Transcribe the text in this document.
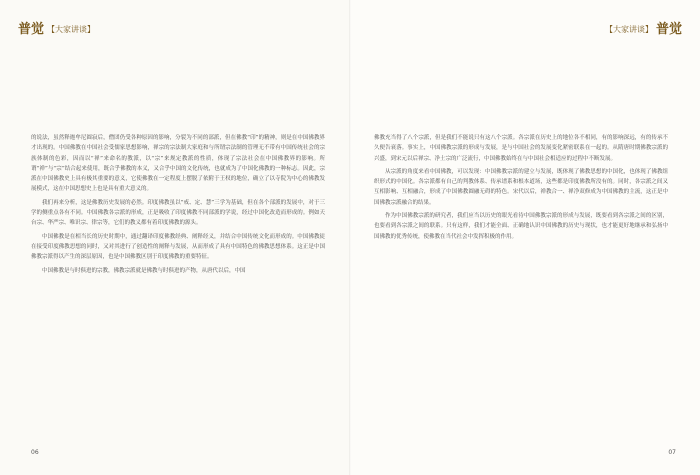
普觉 【大家讲谈】

的说法，虽然释迦牟尼圆寂后，僧团仍受各种原因的影响，分裂为不同的部派，但在佛教“印”的精神，则是在中国佛教界才出现的。中国佛教在中国社会受儒家思想影响，禅宗的宗法制大家庭和与所谓宗法制的管理无不带有中国传统社会的宗族体制的色彩，因而以“禅”来命名的教派，以“宗”来规定教派的性质，体现了宗法社会在中国佛教界的影响。所谓“禅”与“宗”结合起来使用，既合乎佛教的本义，又合乎中国的文化传统，也就成为了中国化佛教的一种标志。因此，宗派在中国佛教史上具有极其重要的意义，它使佛教在一定程度上摆脱了依附于王权的地位，确立了以寺院为中心的佛教发展模式，这在中国思想史上也是具有重大意义的。

我们再来分析，这是佛教历史发展的必然。印度佛教虽以“戒、定、慧”三学为基础，但在各个部派的发展中，对于三学的侧重点各有不同。中国佛教各宗派的形成，正是吸收了印度佛教不同部派的学说，经过中国化改造而形成的。例如天台宗、华严宗、唯识宗、律宗等，它们的教义都有着印度佛教的源头。

中国佛教是在相当长的历史时期中，通过翻译印度佛教经典、阐释经义，并结合中国传统文化而形成的。中国佛教徒在接受印度佛教思想的同时，又对其进行了创造性的阐释与发展，从而形成了具有中国特色的佛教思想体系。这正是中国佛教宗派得以产生的深层原因，也是中国佛教区别于印度佛教的重要特征。

中国佛教是与时俱进的宗教，佛教宗派就是佛教与时俱进的产物，从唐代以后，中国

06
【大家讲谈】 普觉

佛教充当得了八个宗派，但是我们不能说只有这八个宗派。各宗派在历史上的地位各不相同，有的影响深远，有的传承不久便告衰落。事实上，中国佛教宗派的形成与发展，是与中国社会的发展变化紧密联系在一起的。从隋唐时期佛教宗派的兴盛，到宋元以后禅宗、净土宗的广泛流行，中国佛教始终在与中国社会相适应的过程中不断发展。

从宗派的角度来看中国佛教，可以发现：中国佛教宗派的建立与发展，既体现了佛教思想的中国化，也体现了佛教组织形式的中国化。各宗派都有自己的判教体系、传承谱系和根本道场，这些都是印度佛教所没有的。同时，各宗派之间又互相影响、互相融合，形成了中国佛教圆融无碍的特色。宋代以后，禅教合一、禅净双修成为中国佛教的主流，这正是中国佛教宗派融合的结果。

作为中国佛教宗派的研究者，我们应当以历史的眼光看待中国佛教宗派的形成与发展，既要看到各宗派之间的区别，也要看到各宗派之间的联系。只有这样，我们才能全面、正确地认识中国佛教的历史与现状，也才能更好地继承和弘扬中国佛教的优秀传统，使佛教在当代社会中发挥积极的作用。

07
